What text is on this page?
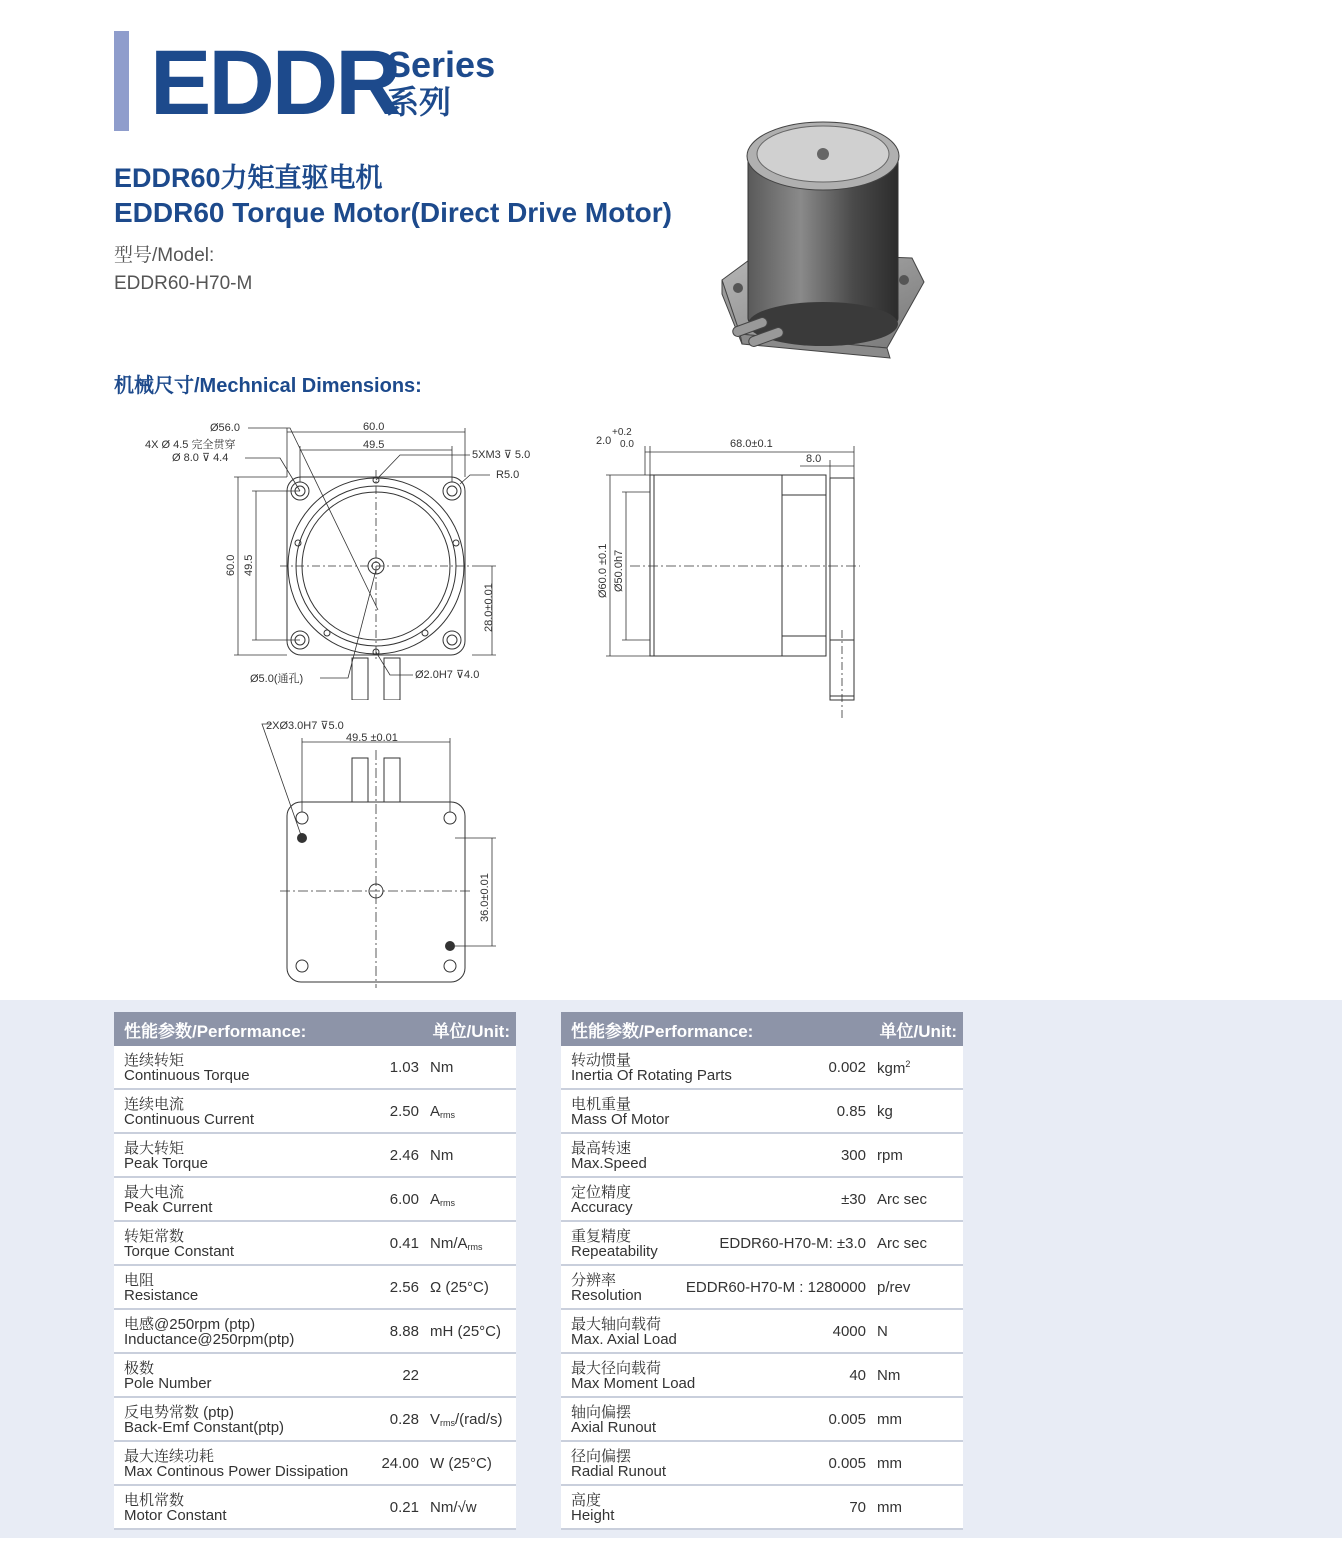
EDDR
Series
系列
EDDR60力矩直驱电机
EDDR60 Torque Motor(Direct Drive Motor)
型号/Model:
EDDR60-H70-M
机械尺寸/Mechnical Dimensions:
Ø56.0
4X Ø 4.5 完全贯穿
Ø 8.0 ⊽ 4.4
60.0
49.5
5XM3 ⊽ 5.0
R5.0
60.0 49.5
28.0±0.01
Ø5.0(通孔)	Ø2.0H7 ⊽4.0
2.0
+0.2
0.0	68.0±0.1
8.0
Ø60.0 ±0.1 Ø50.0h7
2XØ3.0H7 ⊽5.0
49.5 ±0.01
36.0±0.01
性能参数/Performance:	单位/Unit:
连续转矩
Continuous Torque	1.03 Nm
连续电流
Continuous Current	2.50 $A_{rms}$
最大转矩
Peak Torque	2.46 Nm
最大电流
Peak Current	6.00 $A_{rms}$
转矩常数
Torque Constant	0.41 $Nm/A_{rms}$
电阻
Resistance	2.56 Ω (25°C)
电感@250rpm (ptp)
Inductance@250rpm(ptp)	8.88 mH (25°C)
极数
Pole Number	22
反电势常数 (ptp)
Back-Emf Constant(ptp)	0.28 $V_{rms}/(rad/s)$
最大连续功耗
Max Continous Power Dissipation 24.00 W (25°C)
电机常数
Motor Constant	0.21 Nm/√w
性能参数/Performance:	单位/Unit:
转动惯量
Inertia Of Rotating Parts	0.002 kgm$^2$
电机重量
Mass Of Motor	0.85 kg
最高转速
Max.Speed	300 rpm
定位精度
Accuracy	±30 Arc sec
重复精度
Repeatability	EDDR60-H70-M: ±3.0 Arc sec
分辨率
Resolution	EDDR60-H70-M : 1280000 p/rev
最大轴向载荷
Max. Axial Load	4000 N
最大径向载荷
Max Moment Load	40 Nm
轴向偏摆
Axial Runout	0.005 mm
径向偏摆
Radial Runout	0.005 mm
高度
Height	70 mm
